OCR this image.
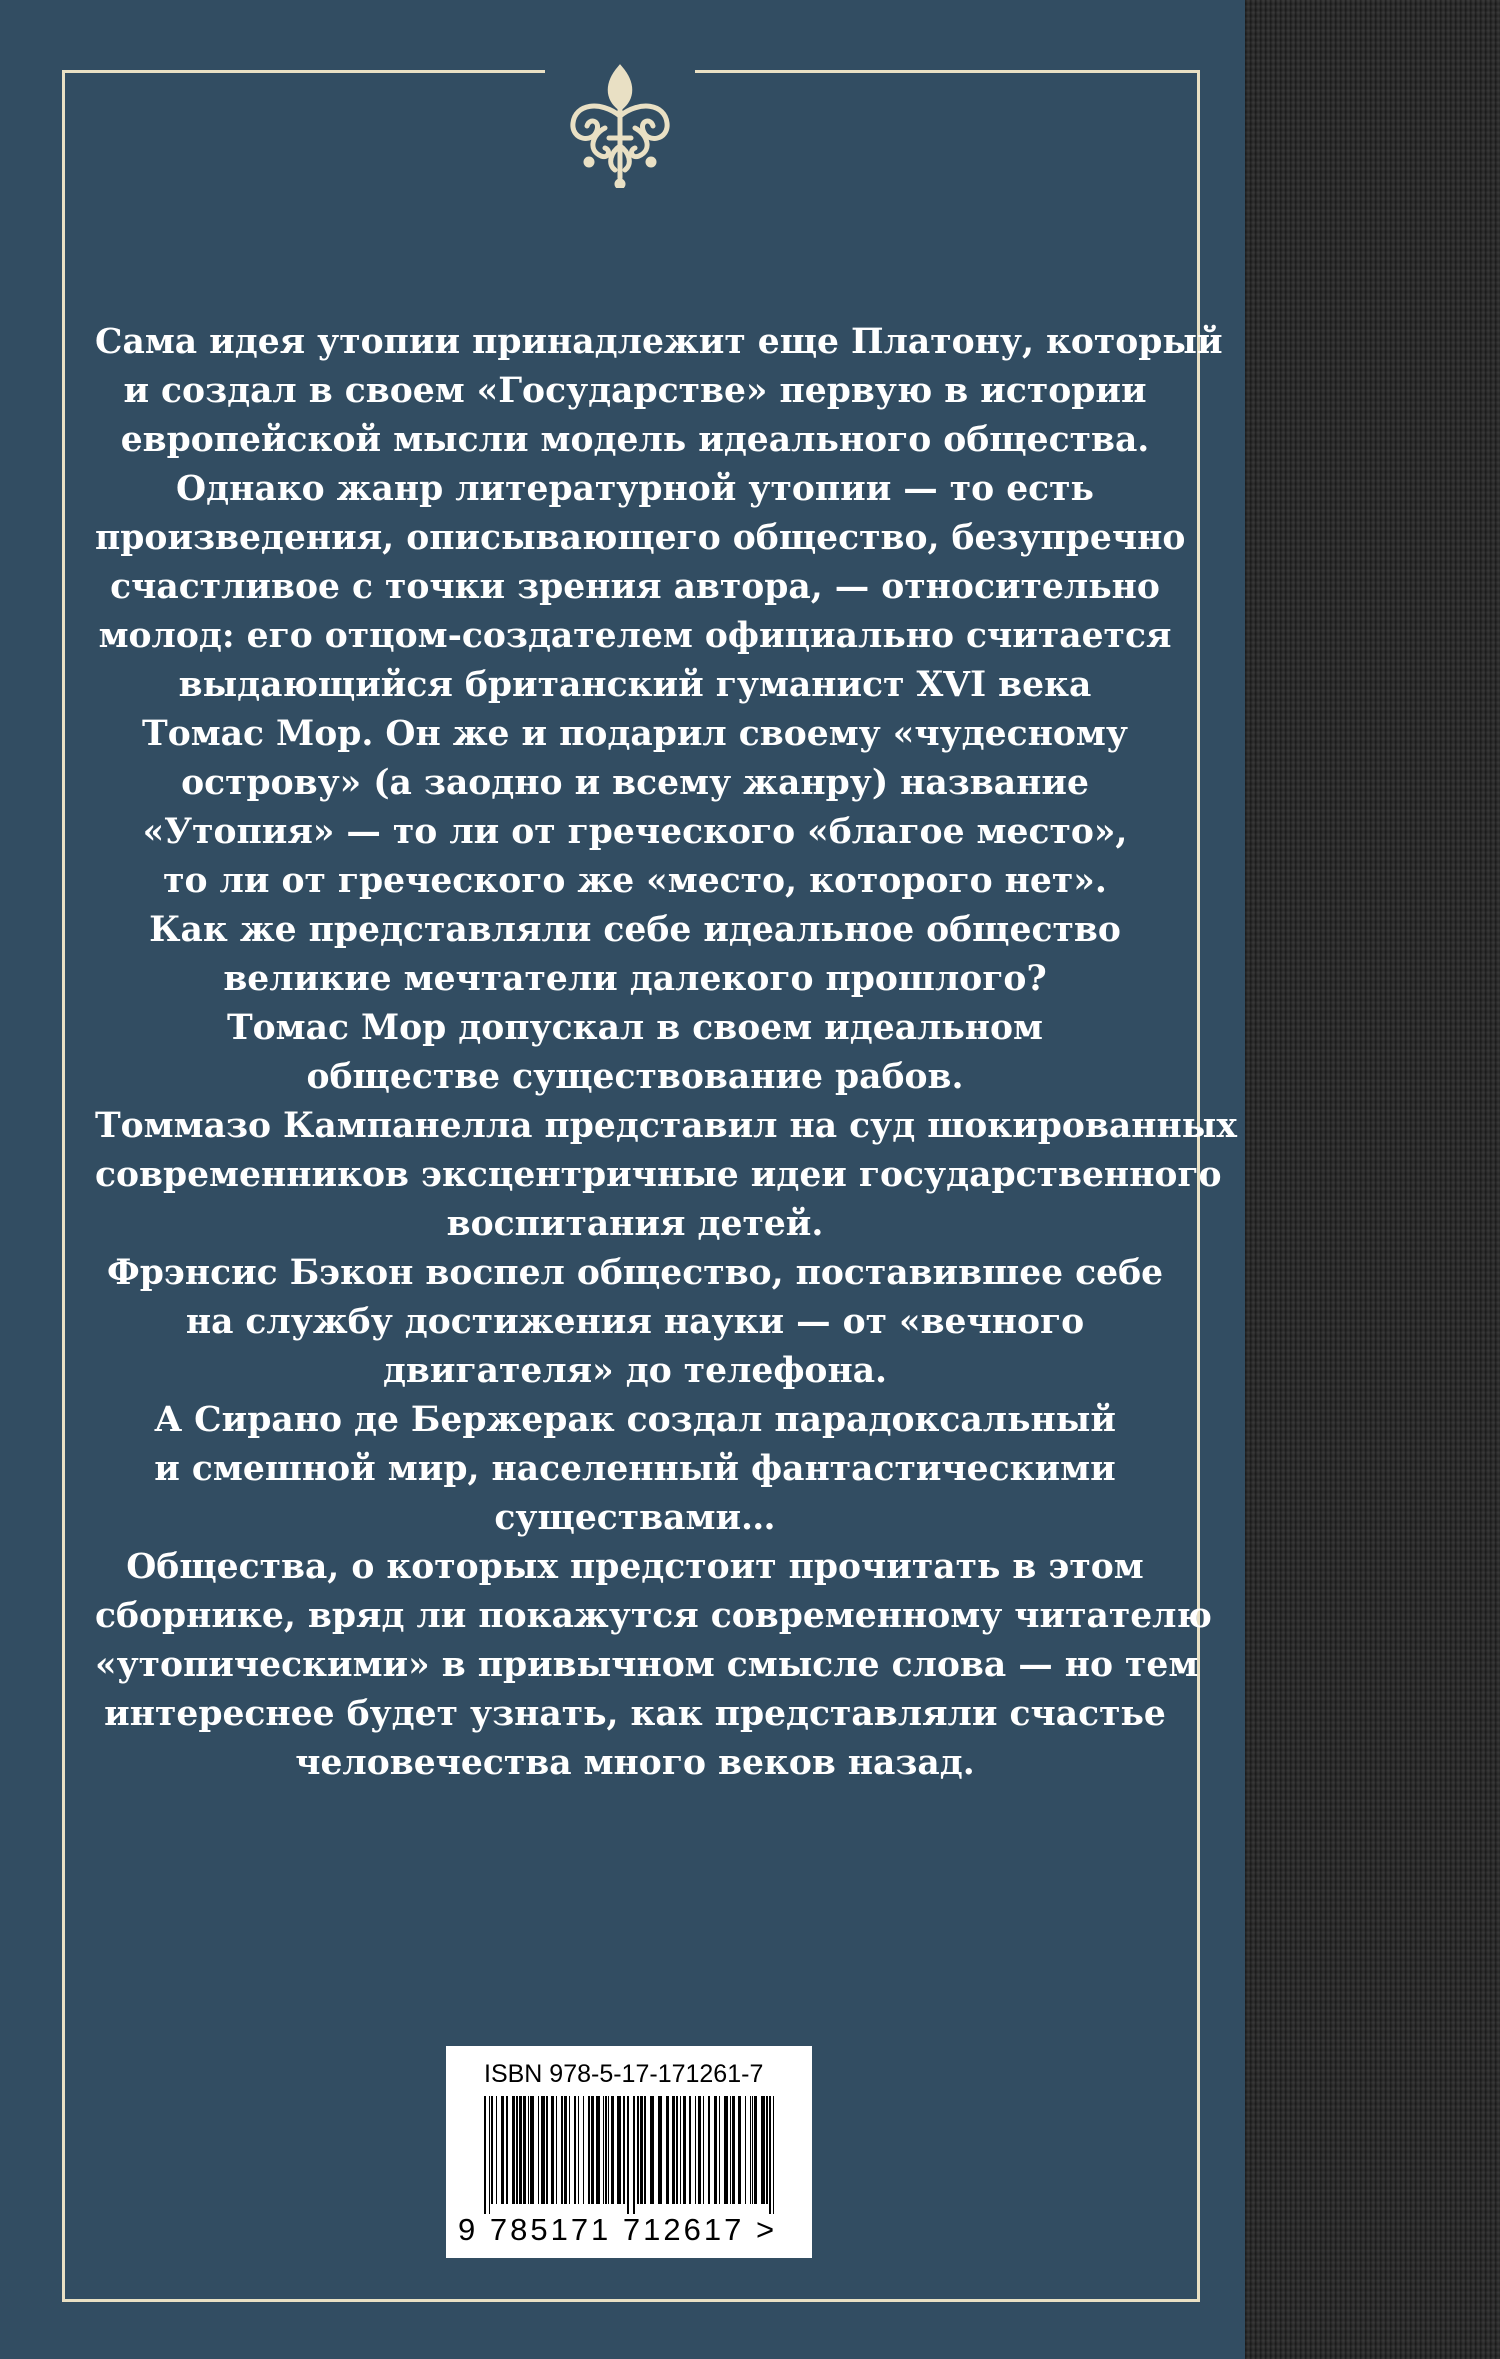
Сама идея утопии принадлежит еще Платону, который
и создал в своем «Государстве» первую в истории
европейской мысли модель идеального общества.
Однако жанр литературной утопии — то есть
произведения, описывающего общество, безупречно
счастливое с точки зрения автора, — относительно
молод: его отцом-создателем официально считается
выдающийся британский гуманист XVI века
Томас Мор. Он же и подарил своему «чудесному
острову» (а заодно и всему жанру) название
«Утопия» — то ли от греческого «благое место»,
то ли от греческого же «место, которого нет».
Как же представляли себе идеальное общество
великие мечтатели далекого прошлого?
Томас Мор допускал в своем идеальном
обществе существование рабов.
Томмазо Кампанелла представил на суд шокированных
современников эксцентричные идеи государственного
воспитания детей.
Фрэнсис Бэкон воспел общество, поставившее себе
на службу достижения науки — от «вечного
двигателя» до телефона.
А Сирано де Бержерак создал парадоксальный
и смешной мир, населенный фантастическими
существами…
Общества, о которых предстоит прочитать в этом
сборнике, вряд ли покажутся современному читателю
«утопическими» в привычном смысле слова — но тем
интереснее будет узнать, как представляли счастье
человечества много веков назад.

ISBN 978-5-17-171261-7
9 785171 712617 >
